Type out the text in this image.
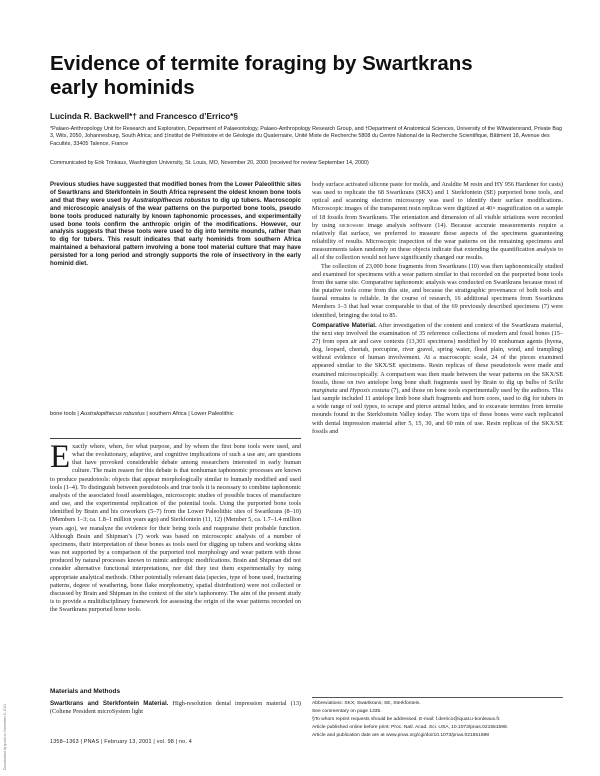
Evidence of termite foraging by Swartkrans early hominids
Lucinda R. Backwell*† and Francesco d’Errico*§
*Palaeo-Anthropology Unit for Research and Exploration, Department of Palaeontology, Palaeo-Anthropology Research Group, and †Department of Anatomical Sciences, University of the Witwatersrand, Private Bag 3, Wits, 2050, Johannesburg, South Africa; and ‡Institut de Préhistoire et de Géologie du Quaternaire, Unité Mixte de Recherche 5808 du Centre National de la Recherche Scientifique, Bâtiment 18, Avenue des Facultés, 33405 Talence, France
Communicated by Erik Trinkaus, Washington University, St. Louis, MO, November 20, 2000 (received for review September 14, 2000)
Previous studies have suggested that modified bones from the Lower Paleolithic sites of Swartkrans and Sterkfontein in South Africa represent the oldest known bone tools and that they were used by Australopithecus robustus to dig up tubers. Macroscopic and microscopic analysis of the wear patterns on the purported bone tools, pseudo bone tools produced naturally by known taphonomic processes, and experimentally used bone tools confirm the anthropic origin of the modifications. However, our analysis suggests that these tools were used to dig into termite mounds, rather than to dig for tubers. This result indicates that early hominids from southern Africa maintained a behavioral pattern involving a bone tool material culture that may have persisted for a long period and strongly supports the role of insectivory in the early hominid diet.
bone tools | Australopithecus robustus | southern Africa | Lower Paleolithic
Exactly where, when, for what purpose, and by whom the first bone tools were used, and what the evolutionary, adaptive, and cognitive implications of such a use are, are questions that have provoked considerable debate among researchers interested in early human culture. The main reason for this debate is that nonhuman taphonomic processes are known to produce pseudotools: objects that appear morphologically similar to humanly modified and used tools (1–4). To distinguish between pseudotools and true tools it is necessary to combine taphonomic analysis of the associated fossil assemblages, microscopic studies of possible traces of manufacture and use, and the experimental replication of the potential tools. Using the purported bone tools identified by Brain and his coworkers (5–7) from the Lower Paleolithic sites of Swartkrans (8–10) (Members 1–3; ca. 1.8–1 million years ago) and Sterkfontein (11, 12) (Member 5, ca. 1.7–1.4 million years ago), we reanalyze the evidence for their being tools and reappraise their probable function. Although Brain and Shipman’s (7) work was based on microscopic analysis of a number of specimens, their interpretation of these bones as tools used for digging up tubers and working skins was not supported by a comparison of the purported tool morphology and wear pattern with those produced by natural processes known to mimic anthropic modifications. Brain and Shipman did not consider alternative functional interpretations, nor did they test them experimentally by using appropriate analytical methods. Other potentially relevant data (species, type of bone used, fracturing patterns, degree of weathering, bone flake morphometry, spatial distribution) were not collected or discussed by Brain and Shipman in the context of the site’s taphonomy. The aim of the present study is to provide a multidisciplinary framework for assessing the origin of the wear patterns recorded on the Swartkrans purported bone tools.
Materials and Methods
Swartkrans and Sterkfontein Material. High-resolution dental impression material (13) (Coltene President microSystem light

body surface activated silicone paste for molds, and Araldite M resin and HY 956 Hardener for casts) was used to replicate the 68 Swartkrans (SKX) and 1 Sterkfontein (SE) purported bone tools, and optical and scanning electron microscopy was used to identify their surface modifications. Microscopic images of the transparent resin replicas were digitized at 40× magnification on a sample of 18 fossils from Swartkrans. The orientation and dimension of all visible striations were recorded by using microware image analysis software (14). Because accurate measurements require a relatively flat surface, we preferred to measure those aspects of the specimens guaranteeing reliability of results. Microscopic inspection of the wear patterns on the remaining specimens and measurements taken randomly on these objects indicate that extending the quantification analysis to all of the collection would not have significantly changed our results.

The collection of 23,000 bone fragments from Swartkrans (10) was then taphonomically studied and examined for specimens with a wear pattern similar to that recorded on the purported bone tools from the same site. Comparative taphonomic analysis was conducted on Swartkrans because most of the putative tools come from this site, and because the stratigraphic provenance of both tools and faunal remains is reliable. In the course of research, 16 additional specimens from Swartkrans Members 1–3 that had wear comparable to that of the 69 previously described specimens (7) were identified, bringing the total to 85.

Comparative Material. After investigation of the content and context of the Swartkrans material, the next step involved the examination of 35 reference collections of modern and fossil bones (15–27) from open air and cave contexts (13,301 specimens) modified by 10 nonhuman agents (hyena, dog, leopard, cheetah, porcupine, river gravel, spring water, flood plain, wind, and trampling) without evidence of human involvement. At a macroscopic scale, 24 of the pieces examined appeared similar to the SKX/SE specimens. Resin replicas of these pseudotools were made and examined microscopically. A comparison was then made between the wear patterns on the SKX/SE fossils, those on two antelope long bone shaft fragments used by Brain to dig up bulbs of Scilla marginata and Hypoxis costata (7), and those on bone tools experimentally used by the authors. This last sample included 11 antelope limb bone shaft fragments and horn cores, used to dig for tubers in a wide range of soil types, to scrape and pierce animal hides, and to excavate termites from termite mounds found in the Sterkfontein Valley today. The worn tips of these bones were each replicated with dental impression material after 5, 15, 30, and 60 min of use. Resin replicas of the SKX/SE fossils and

Abbreviations: SKX, Swartkrans; SE, Sterkfontein.

See commentary on page 1335.

§To whom reprint requests should be addressed. E-mail: f.derrico@iquat.u-bordeaux.fr.

Article published online before print: Proc. Natl. Acad. Sci. USA, 10.1073/pnas.021551598.

Article and publication date are at www.pnas.org/cgi/doi/10.1073/pnas.021551598

1358–1363 | PNAS | February 13, 2001 | vol. 98 | no. 4
Downloaded by guest on November 6, 2021
